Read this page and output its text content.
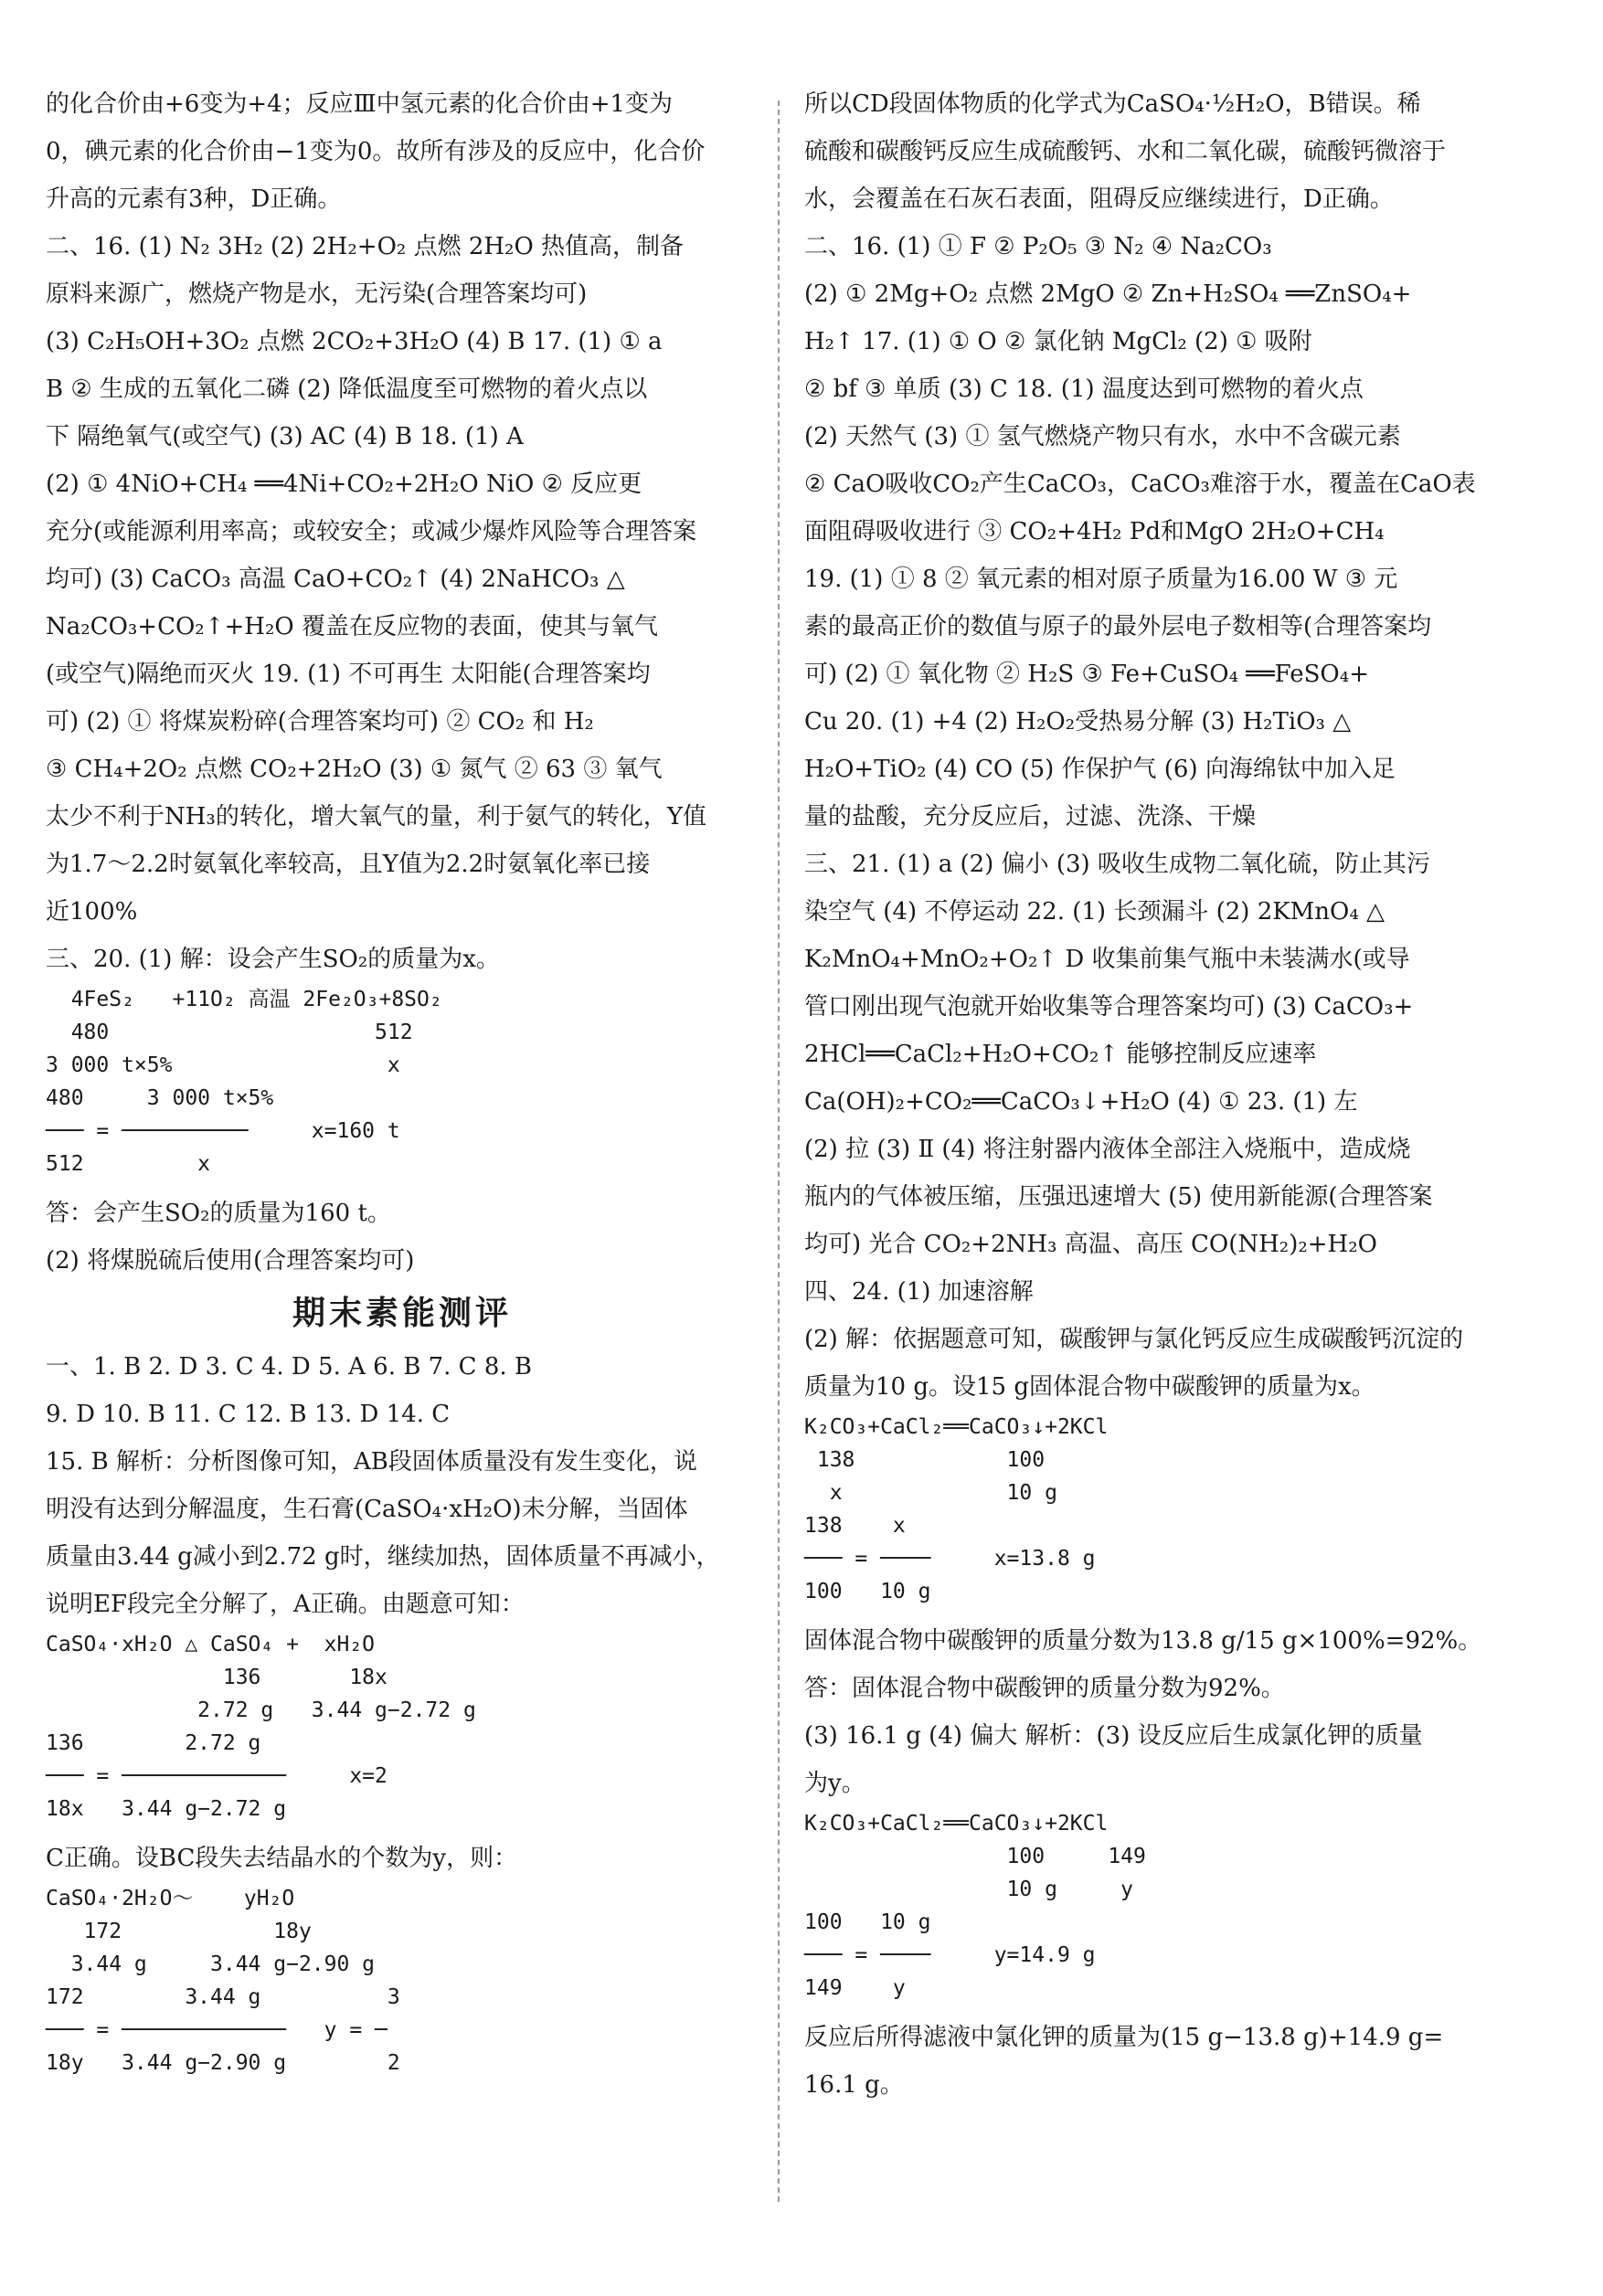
的化合价由+6变为+4；反应Ⅲ中氢元素的化合价由+1变为
0，碘元素的化合价由−1变为0。故所有涉及的反应中，化合价
升高的元素有3种，D正确。
二、16. (1) N₂ 3H₂ (2) 2H₂+O₂ 点燃 2H₂O 热值高，制备
原料来源广，燃烧产物是水，无污染(合理答案均可)
(3) C₂H₅OH+3O₂ 点燃 2CO₂+3H₂O (4) B 17. (1) ① a
B ② 生成的五氧化二磷 (2) 降低温度至可燃物的着火点以
下 隔绝氧气(或空气) (3) AC (4) B 18. (1) A
(2) ① 4NiO+CH₄ ══4Ni+CO₂+2H₂O NiO ② 反应更
充分(或能源利用率高；或较安全；或减少爆炸风险等合理答案
均可) (3) CaCO₃ 高温 CaO+CO₂↑ (4) 2NaHCO₃ △
Na₂CO₃+CO₂↑+H₂O 覆盖在反应物的表面，使其与氧气
(或空气)隔绝而灭火 19. (1) 不可再生 太阳能(合理答案均
可) (2) ① 将煤炭粉碎(合理答案均可) ② CO₂ 和 H₂
③ CH₄+2O₂ 点燃 CO₂+2H₂O (3) ① 氮气 ② 63 ③ 氧气
太少不利于NH₃的转化，增大氧气的量，利于氨气的转化，Y值
为1.7～2.2时氨氧化率较高，且Y值为2.2时氨氧化率已接
近100%
三、20. (1) 解：设会产生SO₂的质量为x。
4FeS₂   +11O₂ 高温 2Fe₂O₃+8SO₂
480                     512
3 000 t×5%                 x
480     3 000 t×5%
─── = ──────────     x=160 t
512         x
答：会产生SO₂的质量为160 t。
(2) 将煤脱硫后使用(合理答案均可)
期末素能测评
一、1. B 2. D 3. C 4. D 5. A 6. B 7. C 8. B
9. D 10. B 11. C 12. B 13. D 14. C
15. B 解析：分析图像可知，AB段固体质量没有发生变化，说
明没有达到分解温度，生石膏(CaSO₄·xH₂O)未分解，当固体
质量由3.44 g减小到2.72 g时，继续加热，固体质量不再减小，
说明EF段完全分解了，A正确。由题意可知：
CaSO₄·xH₂O △ CaSO₄ +  xH₂O
136       18x
2.72 g   3.44 g−2.72 g
136        2.72 g
─── = ─────────────     x=2
18x   3.44 g−2.72 g
C正确。设BC段失去结晶水的个数为y，则：
CaSO₄·2H₂O～    yH₂O
172            18y
3.44 g     3.44 g−2.90 g
172        3.44 g          3
─── = ─────────────   y = ─
18y   3.44 g−2.90 g        2
所以CD段固体物质的化学式为CaSO₄·½H₂O，B错误。稀
硫酸和碳酸钙反应生成硫酸钙、水和二氧化碳，硫酸钙微溶于
水，会覆盖在石灰石表面，阻碍反应继续进行，D正确。
二、16. (1) ① F ② P₂O₅ ③ N₂ ④ Na₂CO₃
(2) ① 2Mg+O₂ 点燃 2MgO ② Zn+H₂SO₄ ══ZnSO₄+
H₂↑ 17. (1) ① O ② 氯化钠 MgCl₂ (2) ① 吸附
② bf ③ 单质 (3) C 18. (1) 温度达到可燃物的着火点
(2) 天然气 (3) ① 氢气燃烧产物只有水，水中不含碳元素
② CaO吸收CO₂产生CaCO₃，CaCO₃难溶于水，覆盖在CaO表
面阻碍吸收进行 ③ CO₂+4H₂ Pd和MgO 2H₂O+CH₄
19. (1) ① 8 ② 氧元素的相对原子质量为16.00 W ③ 元
素的最高正价的数值与原子的最外层电子数相等(合理答案均
可) (2) ① 氧化物 ② H₂S ③ Fe+CuSO₄ ══FeSO₄+
Cu 20. (1) +4 (2) H₂O₂受热易分解 (3) H₂TiO₃ △
H₂O+TiO₂ (4) CO (5) 作保护气 (6) 向海绵钛中加入足
量的盐酸，充分反应后，过滤、洗涤、干燥
三、21. (1) a (2) 偏小 (3) 吸收生成物二氧化硫，防止其污
染空气 (4) 不停运动 22. (1) 长颈漏斗 (2) 2KMnO₄ △
K₂MnO₄+MnO₂+O₂↑ D 收集前集气瓶中未装满水(或导
管口刚出现气泡就开始收集等合理答案均可) (3) CaCO₃+
2HCl══CaCl₂+H₂O+CO₂↑ 能够控制反应速率
Ca(OH)₂+CO₂══CaCO₃↓+H₂O (4) ① 23. (1) 左
(2) 拉 (3) Ⅱ (4) 将注射器内液体全部注入烧瓶中，造成烧
瓶内的气体被压缩，压强迅速增大 (5) 使用新能源(合理答案
均可) 光合 CO₂+2NH₃ 高温、高压 CO(NH₂)₂+H₂O
四、24. (1) 加速溶解
(2) 解：依据题意可知，碳酸钾与氯化钙反应生成碳酸钙沉淀的
质量为10 g。设15 g固体混合物中碳酸钾的质量为x。
K₂CO₃+CaCl₂══CaCO₃↓+2KCl
138            100
x             10 g
138    x
─── = ────     x=13.8 g
100   10 g
固体混合物中碳酸钾的质量分数为13.8 g/15 g×100%=92%。
答：固体混合物中碳酸钾的质量分数为92%。
(3) 16.1 g (4) 偏大 解析：(3) 设反应后生成氯化钾的质量
为y。
K₂CO₃+CaCl₂══CaCO₃↓+2KCl
100     149
10 g     y
100   10 g
─── = ────     y=14.9 g
149    y
反应后所得滤液中氯化钾的质量为(15 g−13.8 g)+14.9 g=
16.1 g。
